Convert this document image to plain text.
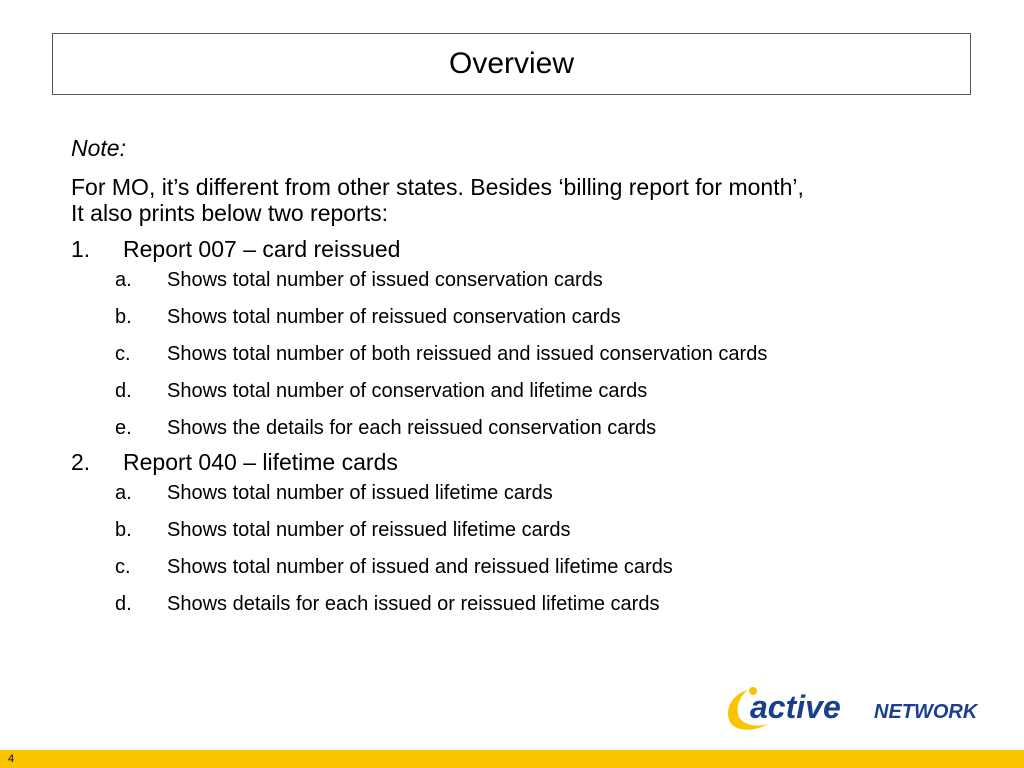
Overview
Note:
For MO, it’s different from other states. Besides ‘billing report for month’,
It also prints below two reports:
1.	Report 007 – card reissued
a.	Shows total number of issued conservation cards
b.	Shows total number of reissued conservation cards
c.	Shows total number of both reissued and issued conservation cards
d.	Shows total number of conservation and lifetime cards
e.	Shows the details for each reissued conservation cards
2.	Report 040 – lifetime cards
a.	Shows total number of issued lifetime cards
b.	Shows total number of reissued lifetime cards
c.	Shows total number of issued and reissued lifetime cards
d.	Shows details for each issued or reissued lifetime cards
active NETWORK
4
